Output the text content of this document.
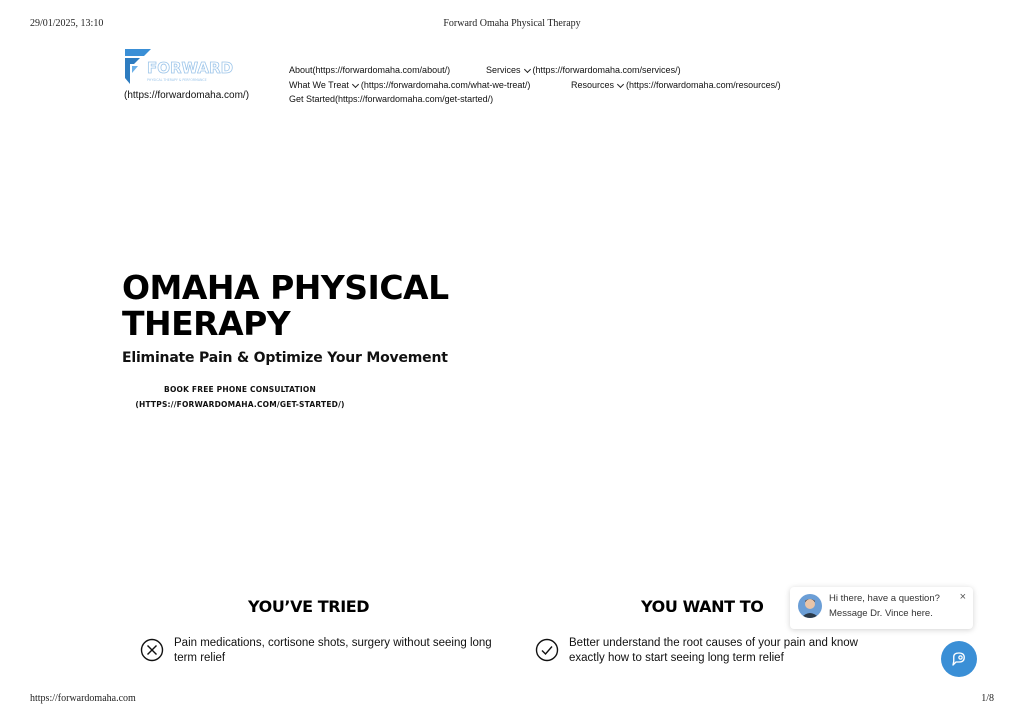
29/01/2025, 13:10	Forward Omaha Physical Therapy
FORWARD
PHYSICAL THERAPY & PERFORMANCE
(https://forwardomaha.com/)
About(https://forwardomaha.com/about/)	Services (https://forwardomaha.com/services/)
What We Treat (https://forwardomaha.com/what-we-treat/)	Resources (https://forwardomaha.com/resources/)
Get Started(https://forwardomaha.com/get-started/)
OMAHA PHYSICAL
THERAPY
Eliminate Pain & Optimize Your Movement
BOOK FREE PHONE CONSULTATION
(HTTPS://FORWARDOMAHA.COM/GET-STARTED/)
YOU’VE TRIED	YOU WANT TO
Pain medications, cortisone shots, surgery without seeing long term relief
Better understand the root causes of your pain and know exactly how to start seeing long term relief
Hi there, have a question?
Message Dr. Vince here.
×
https://forwardomaha.com	1/8
